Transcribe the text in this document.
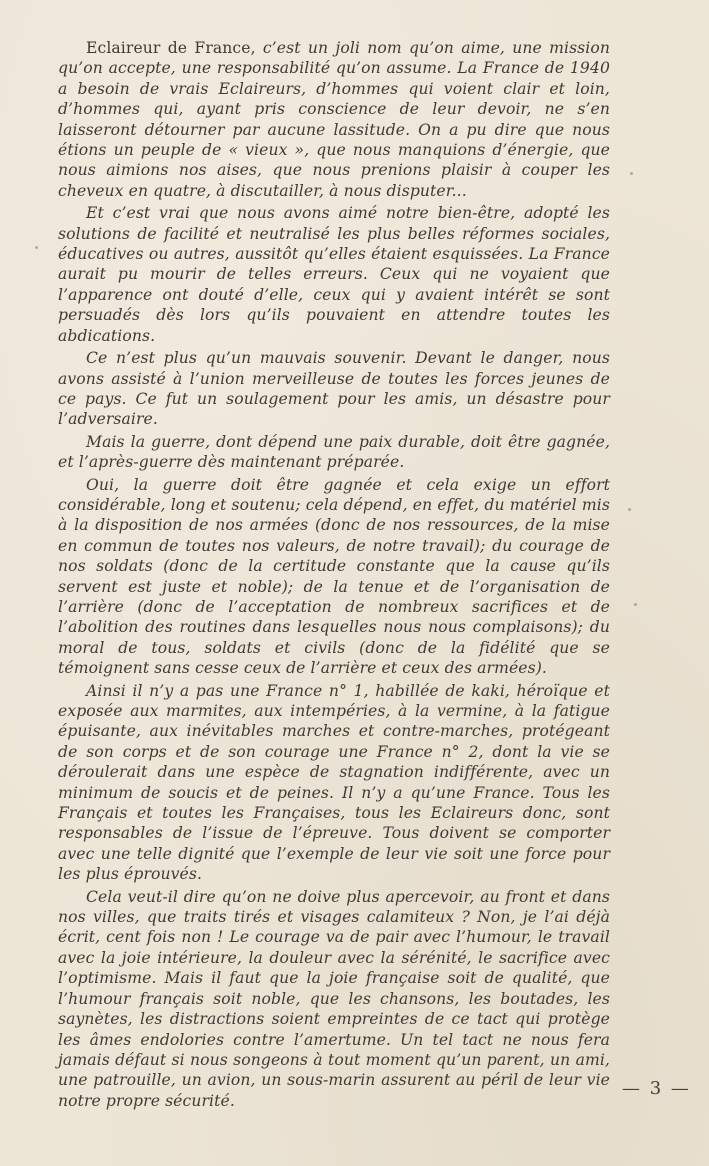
Eclaireur de France, c’est un joli nom qu’on aime, une mission qu’on accepte, une responsabilité qu’on assume. La France de 1940 a besoin de vrais Eclaireurs, d’hommes qui voient clair et loin, d’hommes qui, ayant pris conscience de leur devoir, ne s’en laisseront détourner par aucune lassitude. On a pu dire que nous étions un peuple de « vieux », que nous manquions d’énergie, que nous aimions nos aises, que nous prenions plaisir à couper les cheveux en quatre, à discutailler, à nous disputer...

Et c’est vrai que nous avons aimé notre bien-être, adopté les solutions de facilité et neutralisé les plus belles réformes sociales, éducatives ou autres, aussitôt qu’elles étaient esquissées. La France aurait pu mourir de telles erreurs. Ceux qui ne voyaient que l’apparence ont douté d’elle, ceux qui y avaient intérêt se sont persuadés dès lors qu’ils pouvaient en attendre toutes les abdications.

Ce n’est plus qu’un mauvais souvenir. Devant le danger, nous avons assisté à l’union merveilleuse de toutes les forces jeunes de ce pays. Ce fut un soulagement pour les amis, un désastre pour l’adversaire.

Mais la guerre, dont dépend une paix durable, doit être gagnée, et l’après-guerre dès maintenant préparée.

Oui, la guerre doit être gagnée et cela exige un effort considérable, long et soutenu; cela dépend, en effet, du matériel mis à la disposition de nos armées (donc de nos ressources, de la mise en commun de toutes nos valeurs, de notre travail); du courage de nos soldats (donc de la certitude constante que la cause qu’ils servent est juste et noble); de la tenue et de l’organisation de l’arrière (donc de l’acceptation de nombreux sacrifices et de l’abolition des routines dans lesquelles nous nous complaisons); du moral de tous, soldats et civils (donc de la fidélité que se témoignent sans cesse ceux de l’arrière et ceux des armées).

Ainsi il n’y a pas une France n° 1, habillée de kaki, héroïque et exposée aux marmites, aux intempéries, à la vermine, à la fatigue épuisante, aux inévitables marches et contre-marches, protégeant de son corps et de son courage une France n° 2, dont la vie se déroulerait dans une espèce de stagnation indifférente, avec un minimum de soucis et de peines. Il n’y a qu’une France. Tous les Français et toutes les Françaises, tous les Eclaireurs donc, sont responsables de l’issue de l’épreuve. Tous doivent se comporter avec une telle dignité que l’exemple de leur vie soit une force pour les plus éprouvés.

Cela veut-il dire qu’on ne doive plus apercevoir, au front et dans nos villes, que traits tirés et visages calamiteux ? Non, je l’ai déjà écrit, cent fois non ! Le courage va de pair avec l’humour, le travail avec la joie intérieure, la douleur avec la sérénité, le sacrifice avec l’optimisme. Mais il faut que la joie française soit de qualité, que l’humour français soit noble, que les chansons, les boutades, les saynètes, les distractions soient empreintes de ce tact qui protège les âmes endolories contre l’amertume. Un tel tact ne nous fera jamais défaut si nous songeons à tout moment qu’un parent, un ami, une patrouille, un avion, un sous-marin assurent au péril de leur vie notre propre sécurité.

— 3 —
